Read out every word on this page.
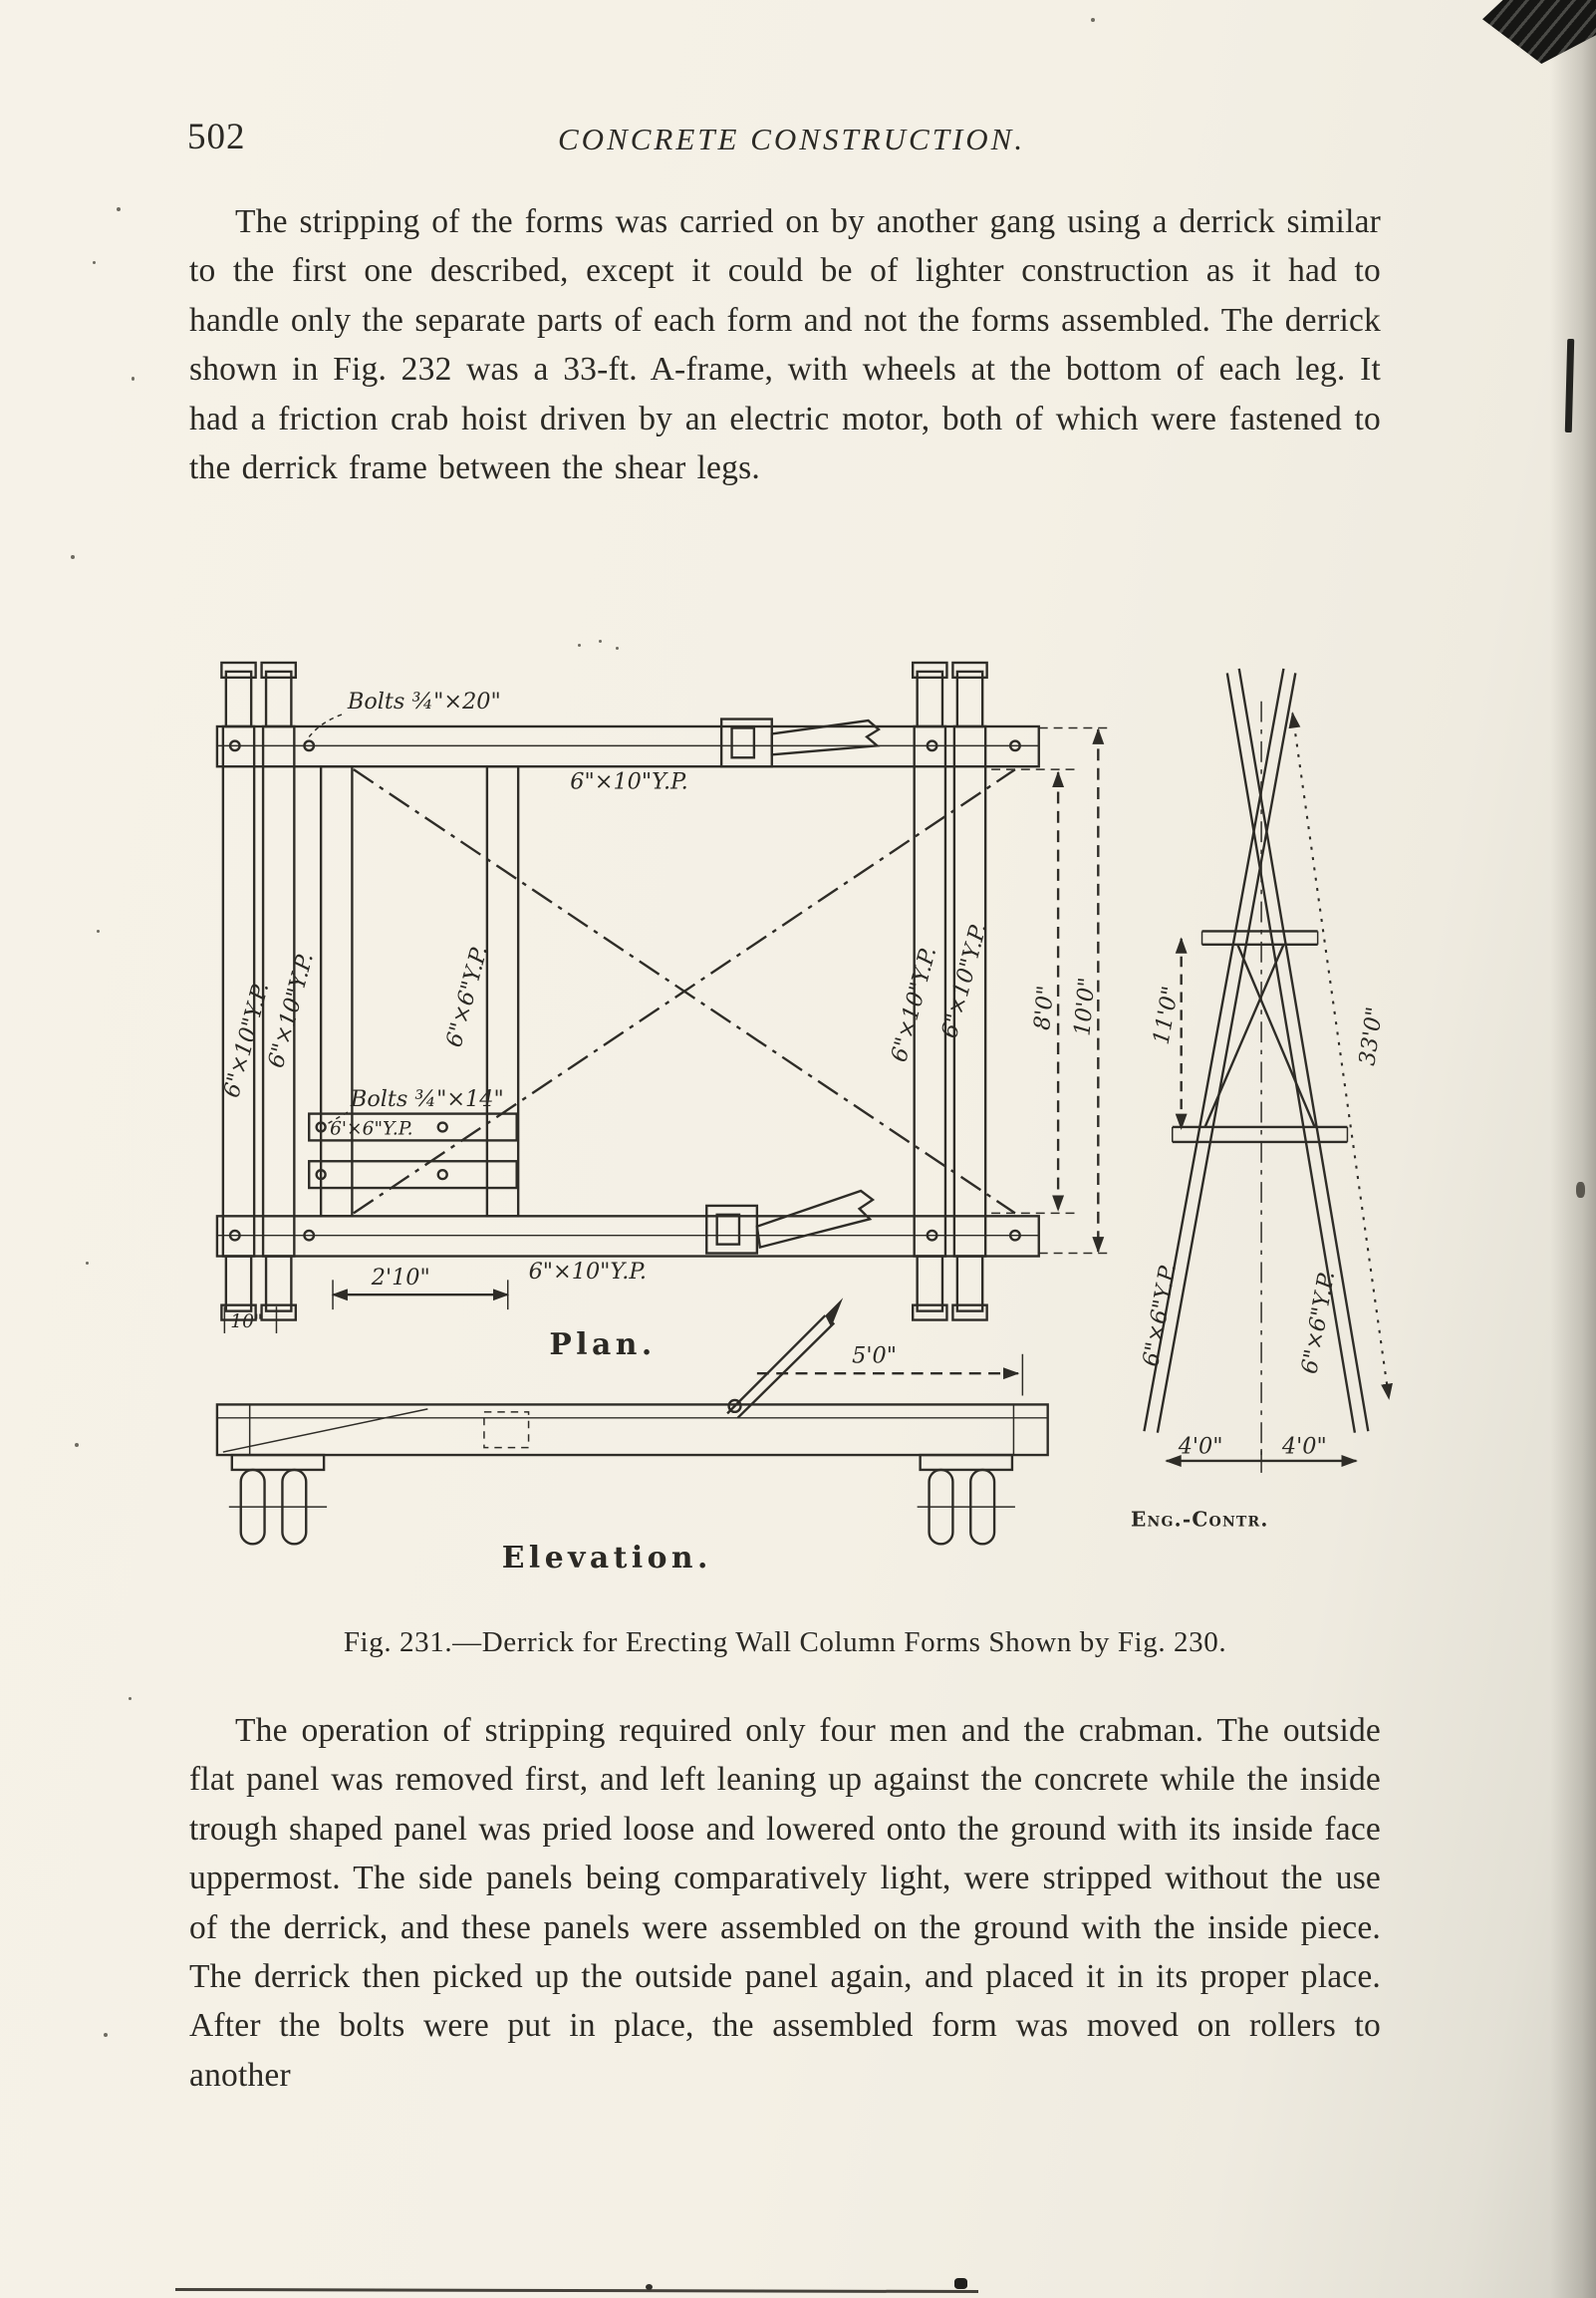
502	CONCRETE CONSTRUCTION.

The stripping of the forms was carried on by another gang using a derrick similar to the first one described, except it could be of lighter construction as it had to handle only the separate parts of each form and not the forms assembled. The derrick shown in Fig. 232 was a 33-ft. A-frame, with wheels at the bottom of each leg. It had a friction crab hoist driven by an electric motor, both of which were fastened to the derrick frame between the shear legs.

Bolts ¾"×20"
6"×10"Y.P.
6"×10"Y.P.
6"×10"Y.P.	6"×6"Y.P.	6"×10"Y.P.
6"×10"Y.P.
Bolts ¾"×14"
6'×6"Y.P.
6"×10"Y.P.
8'0" 10'0"
2'10"
10"
5'0"
11'0"	33'0"
6"×6"Y.P.	6"×6"Y.P.
4'0"	4'0"
Plan.
Elevation.
Eng.-Contr.
Fig. 231.—Derrick for Erecting Wall Column Forms Shown by Fig. 230.

The operation of stripping required only four men and the crabman. The outside flat panel was removed first, and left leaning up against the concrete while the inside trough shaped panel was pried loose and lowered onto the ground with its inside face uppermost. The side panels being comparatively light, were stripped without the use of the derrick, and these panels were assembled on the ground with the inside piece. The derrick then picked up the outside panel again, and placed it in its proper place. After the bolts were put in place, the assembled form was moved on rollers to another
